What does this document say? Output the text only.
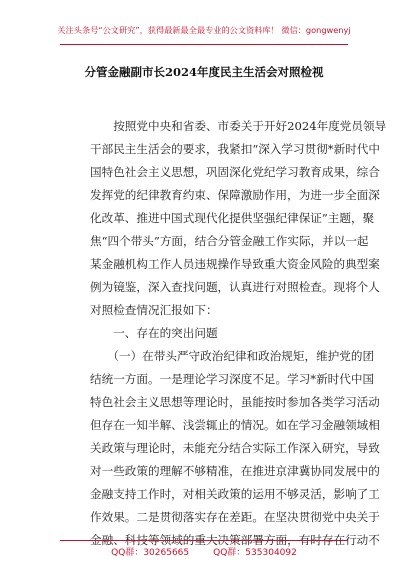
关注头条号“公文研究”，获得最新最全最专业的公文资料库！ 微信：gongwenyj
分管金融副市长2024年度民主生活会对照检视
　　按照党中央和省委、市委关于开好2024年度党员领导
干部民主生活会的要求，我紧扣“深入学习贯彻*新时代中
国特色社会主义思想，巩固深化党纪学习教育成果，综合
发挥党的纪律教育约束、保障激励作用，为进一步全面深
化改革、推进中国式现代化提供坚强纪律保证”主题，聚
焦“四个带头”方面，结合分管金融工作实际，并以一起
某金融机构工作人员违规操作导致重大资金风险的典型案
例为镜鉴，深入查找问题，认真进行对照检查。现将个人
对照检查情况汇报如下：
　　一、存在的突出问题
　　（一）在带头严守政治纪律和政治规矩，维护党的团
结统一方面。一是理论学习深度不足。学习*新时代中国
特色社会主义思想等理论时，虽能按时参加各类学习活动
但存在一知半解、浅尝辄止的情况。如在学习金融领域相
关政策与理论时，未能充分结合实际工作深入研究，导致
对一些政策的理解不够精准，在推进京津冀协同发展中的
金融支持工作时，对相关政策的运用不够灵活，影响了工
作效果。二是贯彻落实存在差距。在坚决贯彻党中央关于
金融、科技等领域的重大决策部署方面，有时存在行动不
QQ群：30265665	QQ群：535304092
